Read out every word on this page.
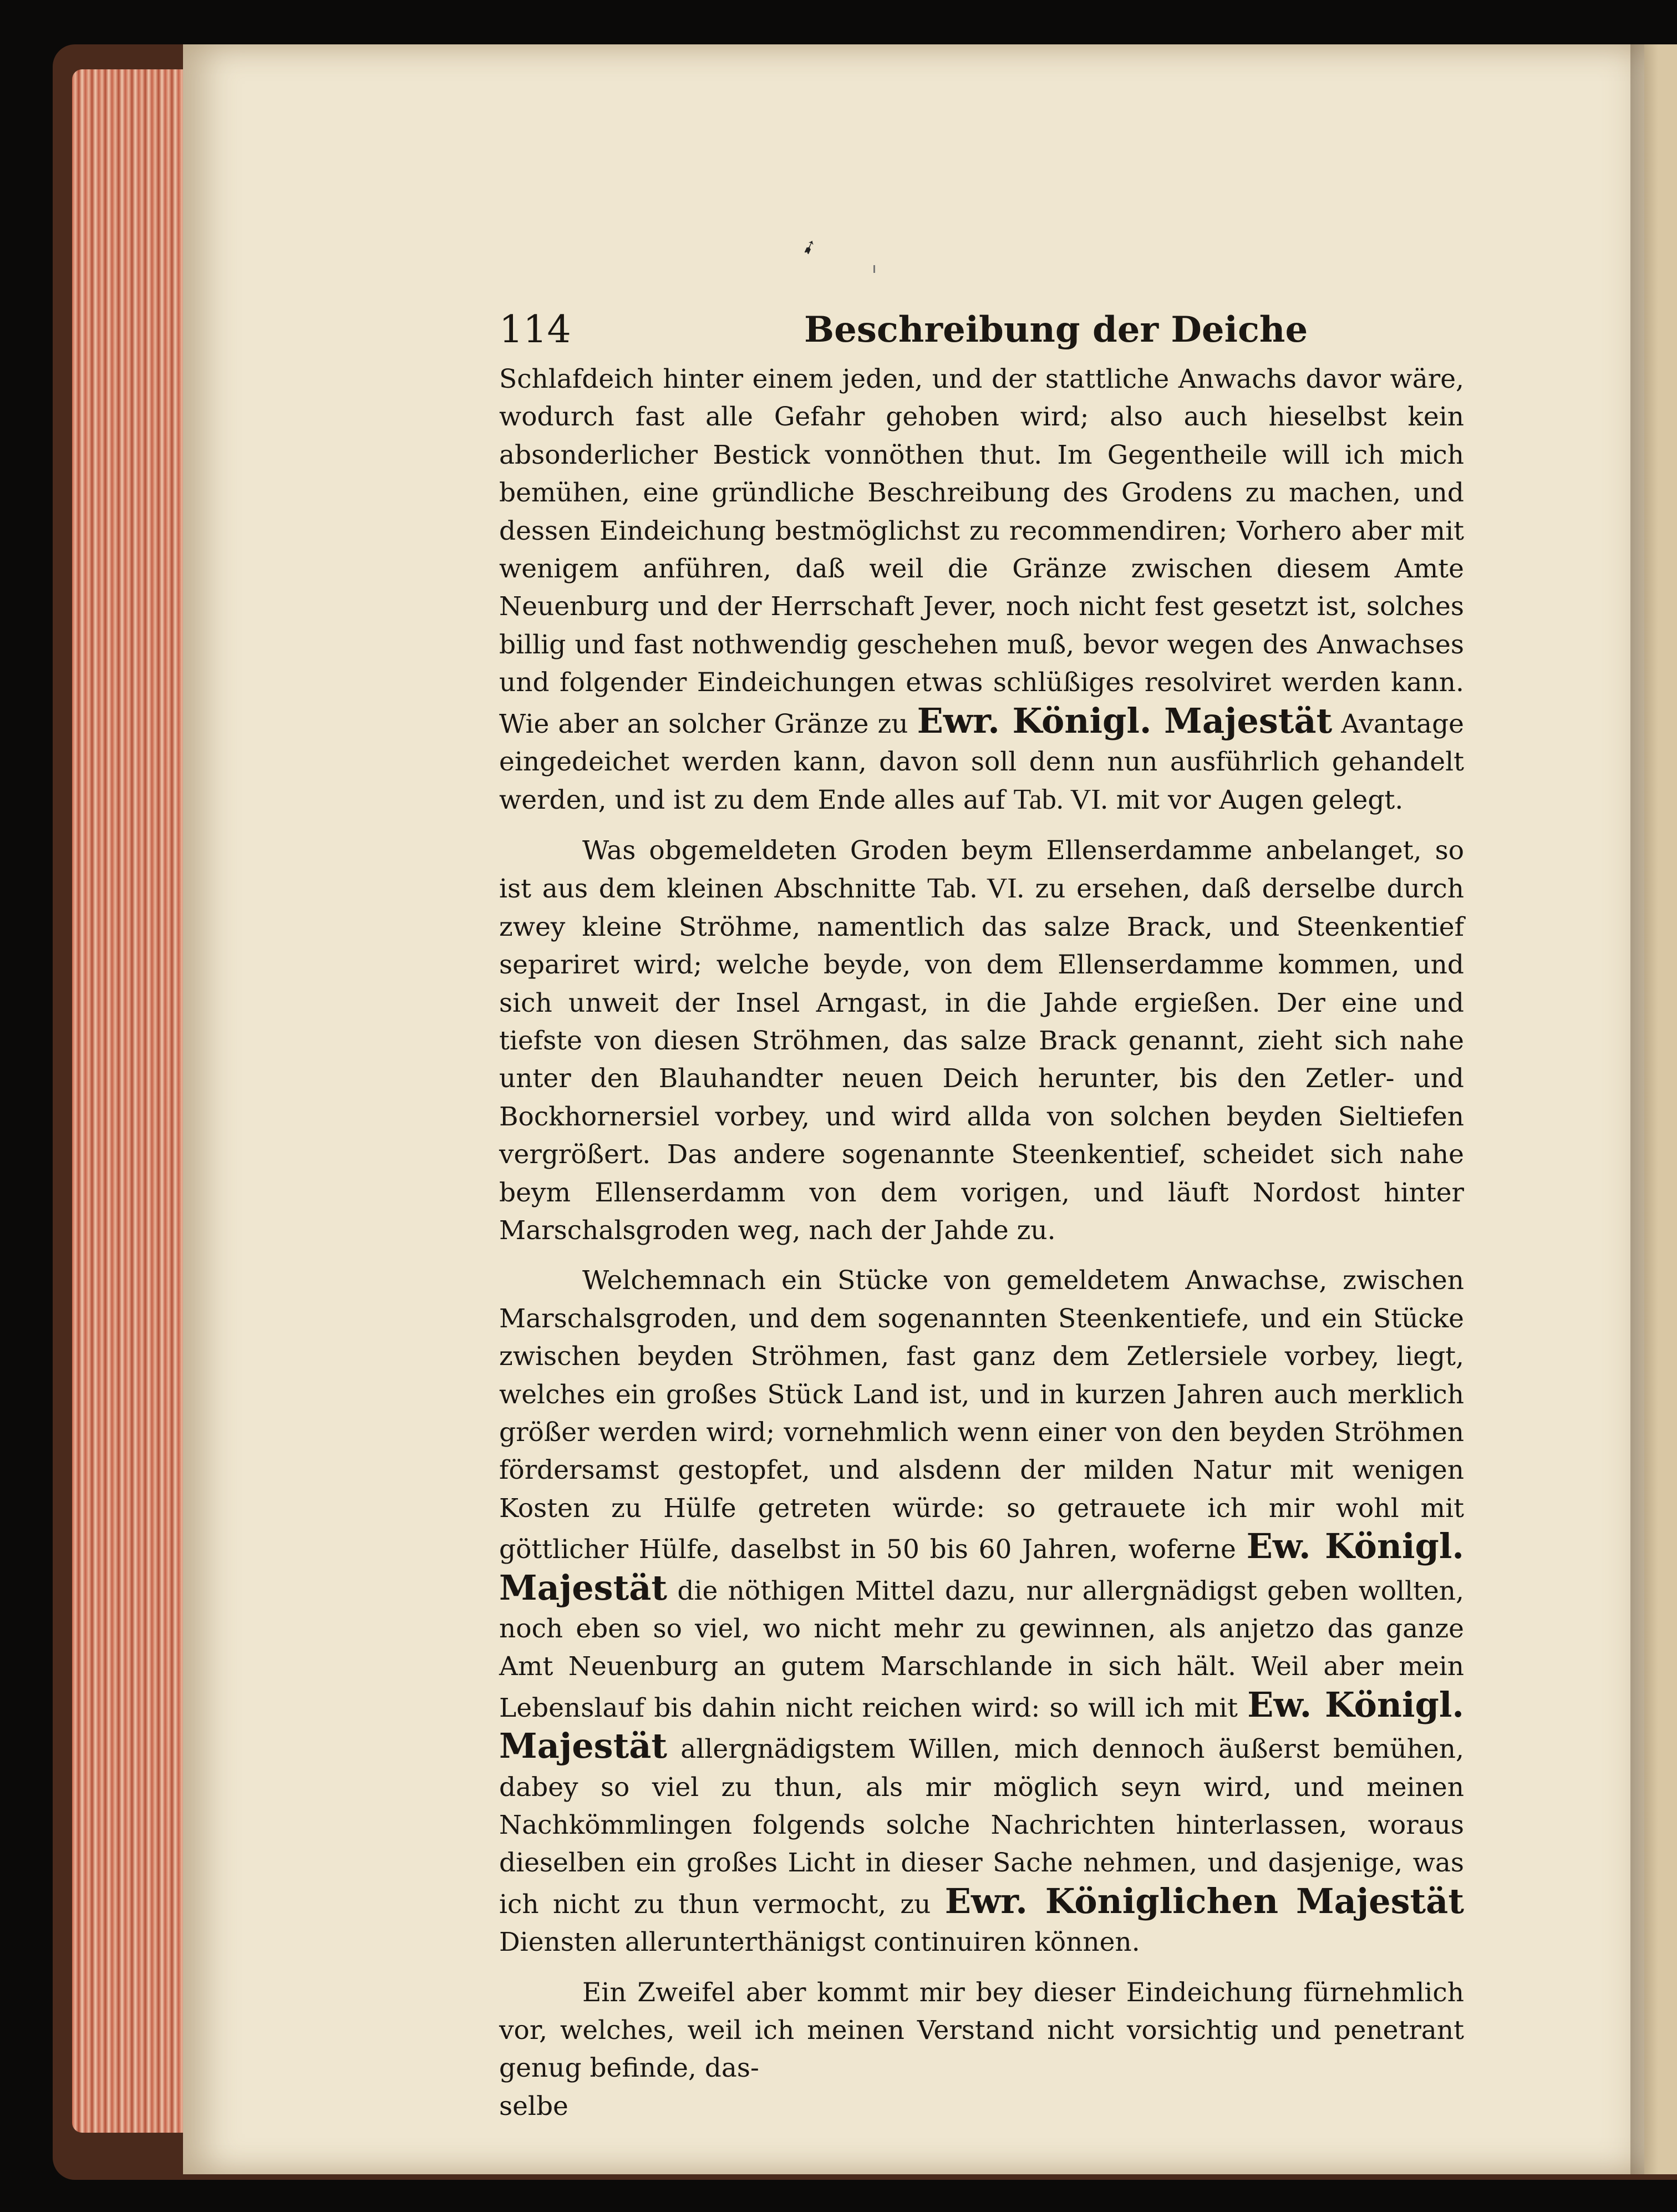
➹
114	Beschreibung der Deiche

Schlafdeich hinter einem jeden, und der stattliche Anwachs davor wäre, wodurch fast alle Gefahr gehoben wird; also auch hieselbst kein absonderlicher Bestick vonnöthen thut. Im Gegentheile will ich mich bemühen, eine gründliche Beschreibung des Grodens zu machen, und dessen Eindeichung bestmöglichst zu recommendiren; Vorhero aber mit wenigem anführen, daß weil die Gränze zwischen diesem Amte Neuenburg und der Herrschaft Jever, noch nicht fest gesetzt ist, solches billig und fast nothwendig geschehen muß, bevor wegen des Anwachses und folgender Eindeichungen etwas schlüßiges resolviret werden kann. Wie aber an solcher Gränze zu Ewr. Königl. Majestät Avantage eingedeichet werden kann, davon soll denn nun ausführlich gehandelt werden, und ist zu dem Ende alles auf Tab. VI. mit vor Augen gelegt.

Was obgemeldeten Groden beym Ellenserdamme anbelanget, so ist aus dem kleinen Abschnitte Tab. VI. zu ersehen, daß derselbe durch zwey kleine Ströhme, namentlich das salze Brack, und Steenkentief separiret wird; welche beyde, von dem Ellenserdamme kommen, und sich unweit der Insel Arngast, in die Jahde ergießen. Der eine und tiefste von diesen Ströhmen, das salze Brack genannt, zieht sich nahe unter den Blauhandter neuen Deich herunter, bis den Zetler- und Bockhornersiel vorbey, und wird allda von solchen beyden Sieltiefen vergrößert. Das andere sogenannte Steenkentief, scheidet sich nahe beym Ellenserdamm von dem vorigen, und läuft Nordost hinter Marschalsgroden weg, nach der Jahde zu.

Welchemnach ein Stücke von gemeldetem Anwachse, zwischen Marschalsgroden, und dem sogenannten Steenkentiefe, und ein Stücke zwischen beyden Ströhmen, fast ganz dem Zetlersiele vorbey, liegt, welches ein großes Stück Land ist, und in kurzen Jahren auch merklich größer werden wird; vornehmlich wenn einer von den beyden Ströhmen fördersamst gestopfet, und alsdenn der milden Natur mit wenigen Kosten zu Hülfe getreten würde: so getrauete ich mir wohl mit göttlicher Hülfe, daselbst in 50 bis 60 Jahren, woferne Ew. Königl. Majestät die nöthigen Mittel dazu, nur allergnädigst geben wollten, noch eben so viel, wo nicht mehr zu gewinnen, als anjetzo das ganze Amt Neuenburg an gutem Marschlande in sich hält. Weil aber mein Lebenslauf bis dahin nicht reichen wird: so will ich mit Ew. Königl. Majestät allergnädigstem Willen, mich dennoch äußerst bemühen, dabey so viel zu thun, als mir möglich seyn wird, und meinen Nachkömmlingen folgends solche Nachrichten hinterlassen, woraus dieselben ein großes Licht in dieser Sache nehmen, und dasjenige, was ich nicht zu thun vermocht, zu Ewr. Königlichen Majestät Diensten allerunterthänigst continuiren können.

Ein Zweifel aber kommt mir bey dieser Eindeichung fürnehmlich vor, welches, weil ich meinen Verstand nicht vorsichtig und penetrant genug befinde, das-

selbe
